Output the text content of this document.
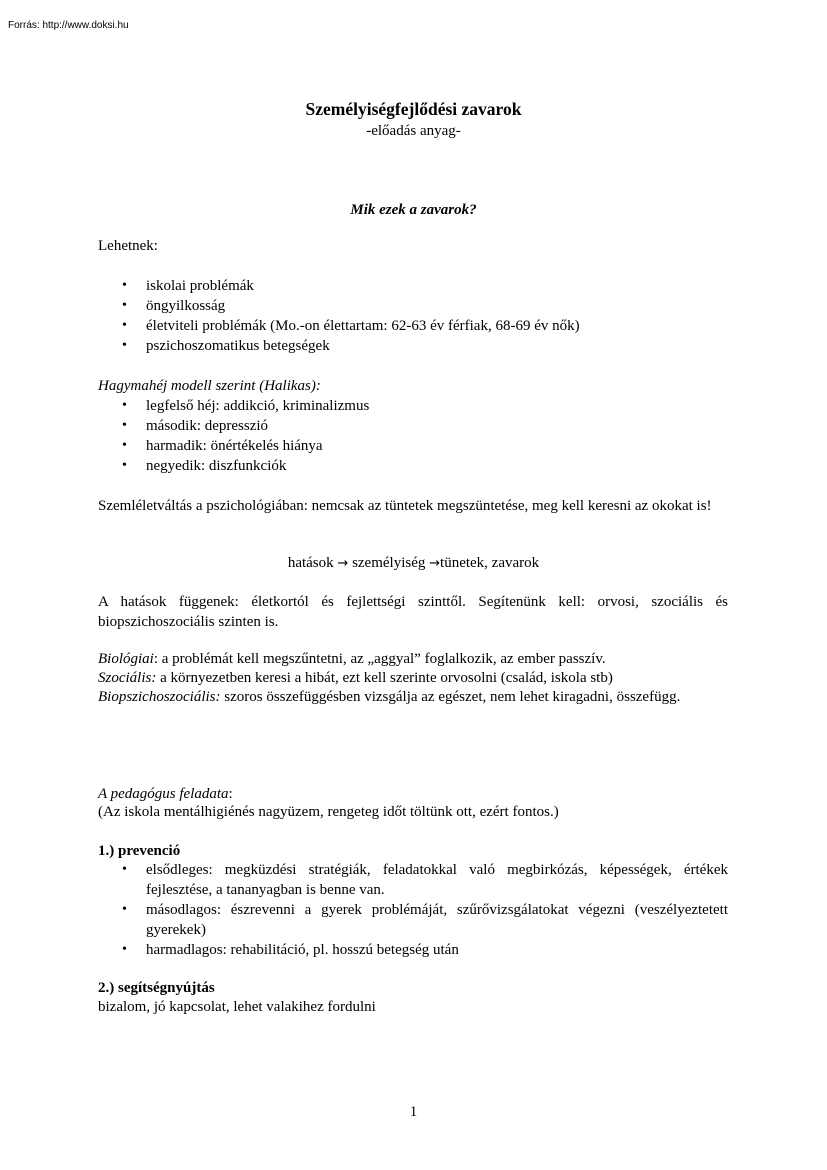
Forrás: http://www.doksi.hu
Személyiségfejlődési zavarok
-előadás anyag-
Mik ezek a zavarok?
Lehetnek:
• iskolai problémák
• öngyilkosság
• életviteli problémák (Mo.-on élettartam: 62-63 év férfiak, 68-69 év nők)
• pszichoszomatikus betegségek
Hagymahéj modell szerint (Halikas):
• legfelső héj: addikció, kriminalizmus
• második: depresszió
• harmadik: önértékelés hiánya
• negyedik: diszfunkciók
Szemléletváltás a pszichológiában: nemcsak az tüntetek megszüntetése, meg kell keresni az okokat is!
hatások → személyiség →tünetek, zavarok
A hatások függenek: életkortól és fejlettségi szinttől. Segítenünk kell: orvosi, szociális és biopszichoszociális szinten is.
Biológiai: a problémát kell megszűntetni, az „aggyal” foglalkozik, az ember passzív.
Szociális: a környezetben keresi a hibát, ezt kell szerinte orvosolni (család, iskola stb)
Biopszichoszociális: szoros összefüggésben vizsgálja az egészet, nem lehet kiragadni, összefügg.
A pedagógus feladata:
(Az iskola mentálhigiénés nagyüzem, rengeteg időt töltünk ott, ezért fontos.)
1.) prevenció
• elsődleges: megküzdési stratégiák, feladatokkal való megbirkózás, képességek, értékek fejlesztése, a tananyagban is benne van.
• másodlagos: észrevenni a gyerek problémáját, szűrővizsgálatokat végezni (veszélyeztetett gyerekek)
• harmadlagos: rehabilitáció, pl. hosszú betegség után
2.) segítségnyújtás
bizalom, jó kapcsolat, lehet valakihez fordulni
1
